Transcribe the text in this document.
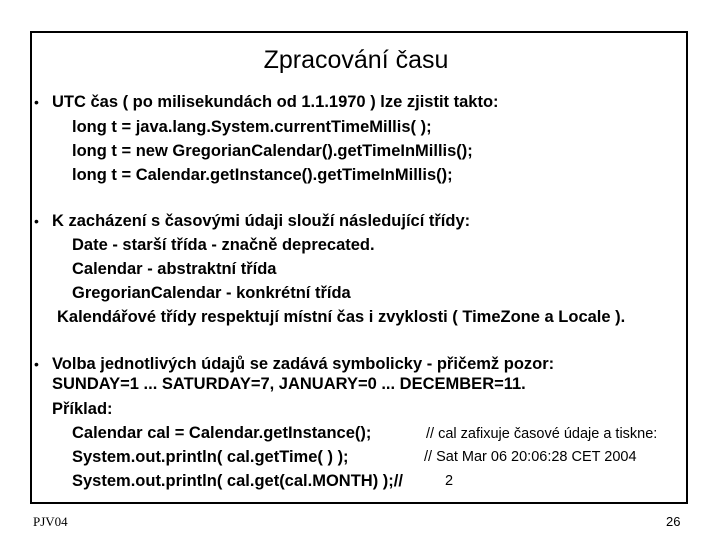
Zpracování času
• UTC čas ( po milisekundách od 1.1.1970 ) lze zjistit takto:
long t = java.lang.System.currentTimeMillis( );
long t = new GregorianCalendar().getTimeInMillis();
long t = Calendar.getInstance().getTimeInMillis();
• K zacházení s časovými údaji slouží následující třídy:
Date - starší třída - značně deprecated.
Calendar - abstraktní třída
GregorianCalendar - konkrétní třída
Kalendářové třídy respektují místní čas i zvyklosti ( TimeZone a Locale ).
• Volba jednotlivých údajů se zadává symbolicky - přičemž pozor:
SUNDAY=1 ... SATURDAY=7, JANUARY=0 ... DECEMBER=11.
Příklad:
Calendar cal = Calendar.getInstance();	// cal zafixuje časové údaje a tiskne:
System.out.println( cal.getTime( ) );	// Sat Mar 06 20:06:28 CET 2004
System.out.println( cal.get(cal.MONTH) );//	2
PJV04	26
